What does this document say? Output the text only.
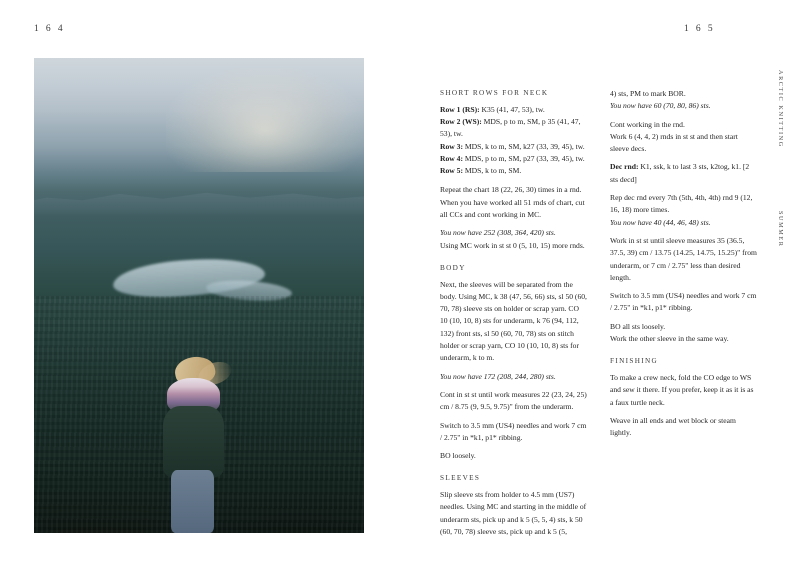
1 6 4	1 6 5
ARCTIC KNITTING SUMMER
SHORT ROWS FOR NECK

Row 1 (RS): K35 (41, 47, 53), tw.

Row 2 (WS): MDS, p to m, SM, p 35 (41, 47, 53), tw.

Row 3: MDS, k to m, SM, k27 (33, 39, 45), tw.

Row 4: MDS, p to m, SM, p27 (33, 39, 45), tw.

Row 5: MDS, k to m, SM.

Repeat the chart 18 (22, 26, 30) times in a rnd. When you have worked all 51 rnds of chart, cut all CCs and cont working in MC.

You now have 252 (308, 364, 420) sts.

Using MC work in st st 0 (5, 10, 15) more rnds.

BODY

Next, the sleeves will be separated from the body. Using MC, k 38 (47, 56, 66) sts, sl 50 (60, 70, 78) sleeve sts on holder or scrap yarn. CO 10 (10, 10, 8) sts for underarm, k 76 (94, 112, 132) front sts, sl 50 (60, 70, 78) sts on stitch holder or scrap yarn, CO 10 (10, 10, 8) sts for underarm, k to m.

You now have 172 (208, 244, 280) sts.

Cont in st st until work measures 22 (23, 24, 25) cm / 8.75 (9, 9.5, 9.75)" from the underarm.

Switch to 3.5 mm (US4) needles and work 7 cm / 2.75" in *k1, p1* ribbing.

BO loosely.

SLEEVES

Slip sleeve sts from holder to 4.5 mm (US7) needles. Using MC and starting in the middle of underarm sts, pick up and k 5 (5, 5, 4) sts, k 50 (60, 70, 78) sleeve sts, pick up and k 5 (5,

4) sts, PM to mark BOR.

You now have 60 (70, 80, 86) sts.

Cont working in the rnd.

Work 6 (4, 4, 2) rnds in st st and then start sleeve decs.

Dec rnd: K1, ssk, k to last 3 sts, k2tog, k1. [2 sts decd]

Rep dec rnd every 7th (5th, 4th, 4th) rnd 9 (12, 16, 18) more times.

You now have 40 (44, 46, 48) sts.

Work in st st until sleeve measures 35 (36.5, 37.5, 39) cm / 13.75 (14.25, 14.75, 15.25)" from underarm, or 7 cm / 2.75" less than desired length.

Switch to 3.5 mm (US4) needles and work 7 cm / 2.75" in *k1, p1* ribbing.

BO all sts loosely.

Work the other sleeve in the same way.

FINISHING

To make a crew neck, fold the CO edge to WS and sew it there. If you prefer, keep it as it is as a faux turtle neck.

Weave in all ends and wet block or steam lightly.
